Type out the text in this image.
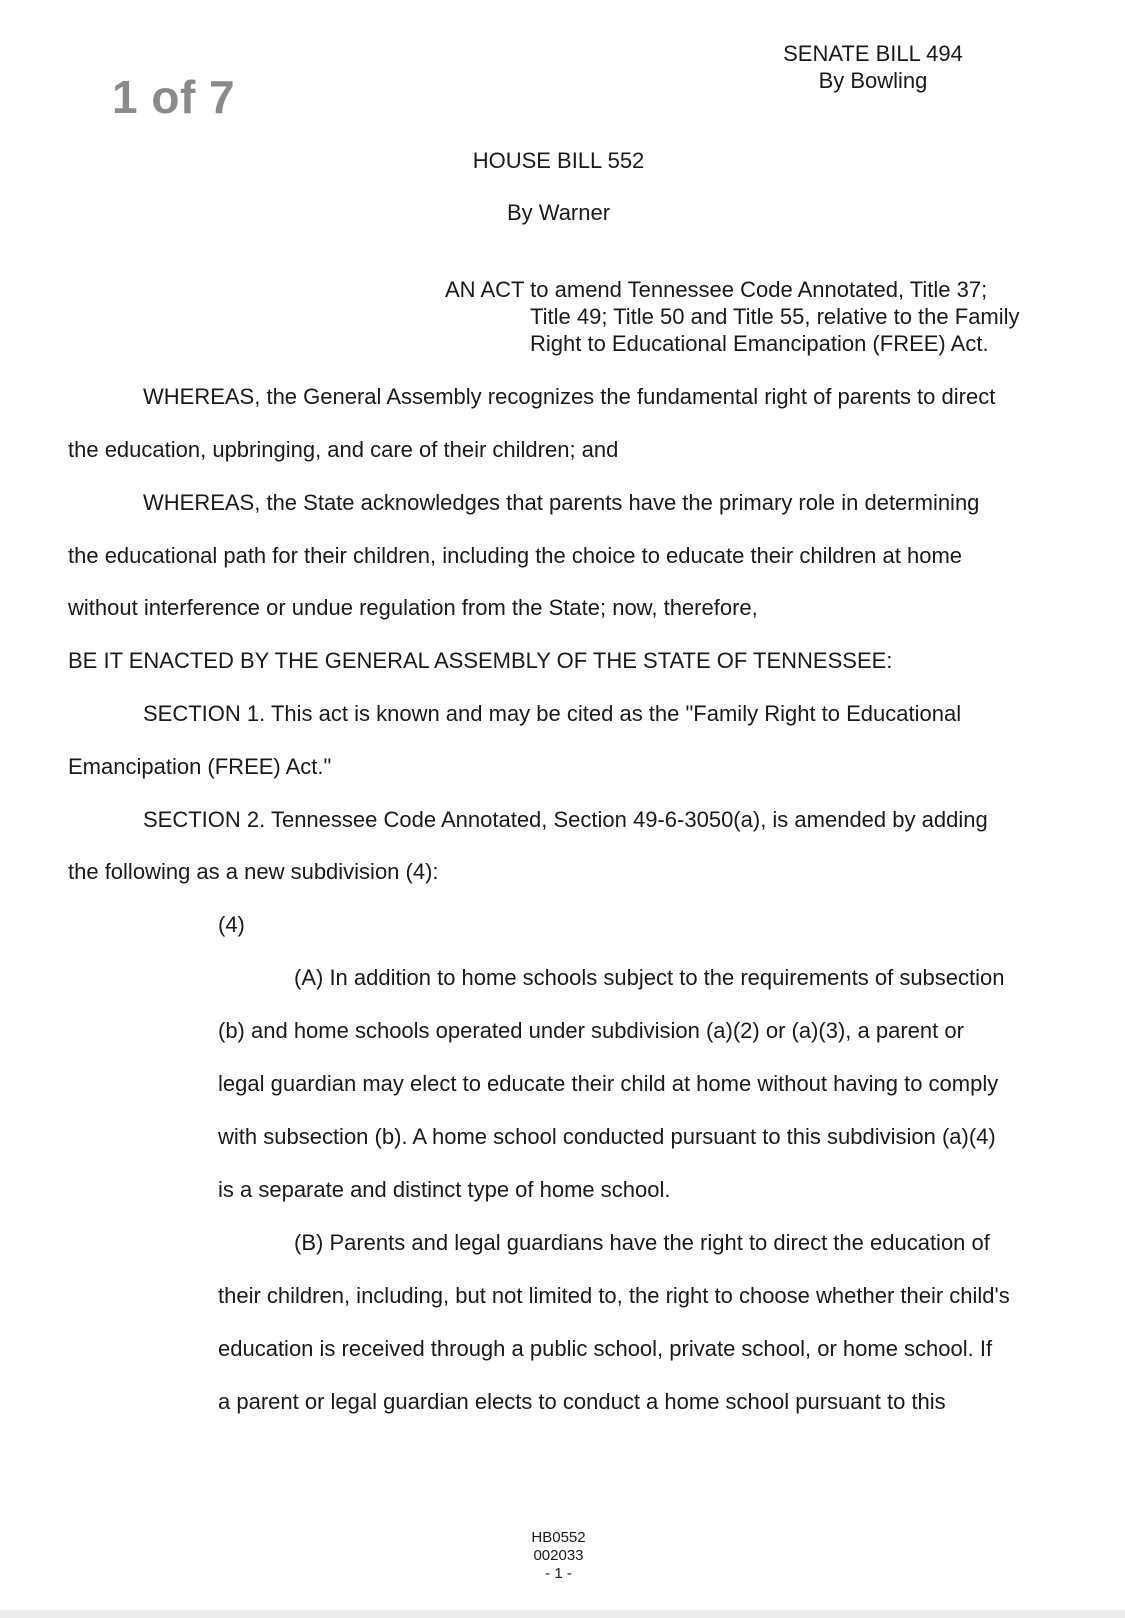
1 of 7
SENATE BILL 494
By Bowling
HOUSE BILL 552
By Warner
AN ACT to amend Tennessee Code Annotated, Title 37;
Title 49; Title 50 and Title 55, relative to the Family
Right to Educational Emancipation (FREE) Act.
WHEREAS, the General Assembly recognizes the fundamental right of parents to direct
the education, upbringing, and care of their children; and
WHEREAS, the State acknowledges that parents have the primary role in determining
the educational path for their children, including the choice to educate their children at home
without interference or undue regulation from the State; now, therefore,
BE IT ENACTED BY THE GENERAL ASSEMBLY OF THE STATE OF TENNESSEE:
SECTION 1. This act is known and may be cited as the "Family Right to Educational
Emancipation (FREE) Act."
SECTION 2. Tennessee Code Annotated, Section 49-6-3050(a), is amended by adding
the following as a new subdivision (4):
(4)
(A) In addition to home schools subject to the requirements of subsection
(b) and home schools operated under subdivision (a)(2) or (a)(3), a parent or
legal guardian may elect to educate their child at home without having to comply
with subsection (b). A home school conducted pursuant to this subdivision (a)(4)
is a separate and distinct type of home school.
(B) Parents and legal guardians have the right to direct the education of
their children, including, but not limited to, the right to choose whether their child's
education is received through a public school, private school, or home school. If
a parent or legal guardian elects to conduct a home school pursuant to this
HB0552
002033
- 1 -
